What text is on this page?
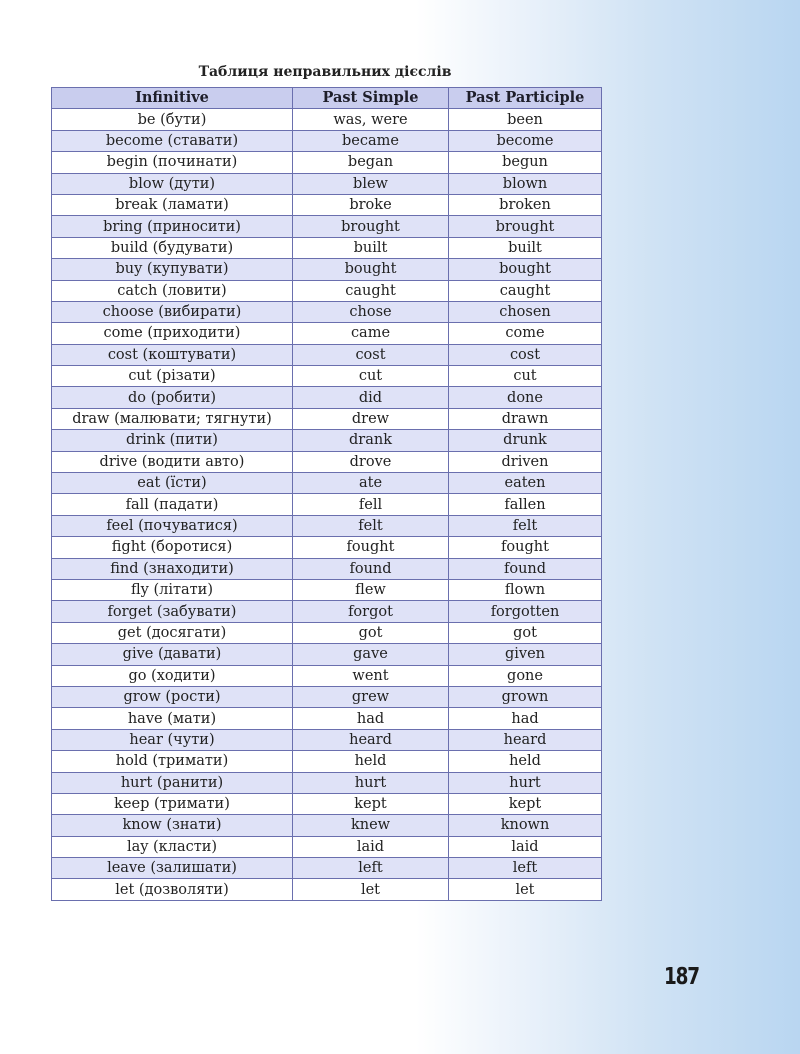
Таблиця неправильних дієслів
Infinitive	Past Simple	Past Participle
be (бути)	was, were	been
become (ставати)	became	become
begin (починати)	began	begun
blow (дути)	blew	blown
break (ламати)	broke	broken
bring (приносити)	brought	brought
build (будувати)	built	built
buy (купувати)	bought	bought
catch (ловити)	caught	caught
choose (вибирати)	chose	chosen
come (приходити)	came	come
cost (коштувати)	cost	cost
cut (різати)	cut	cut
do (робити)	did	done
draw (малювати; тягнути)	drew	drawn
drink (пити)	drank	drunk
drive (водити авто)	drove	driven
eat (їсти)	ate	eaten
fall (падати)	fell	fallen
feel (почуватися)	felt	felt
fight (боротися)	fought	fought
find (знаходити)	found	found
fly (літати)	flew	flown
forget (забувати)	forgot	forgotten
get (досягати)	got	got
give (давати)	gave	given
go (ходити)	went	gone
grow (рости)	grew	grown
have (мати)	had	had
hear (чути)	heard	heard
hold (тримати)	held	held
hurt (ранити)	hurt	hurt
keep (тримати)	kept	kept
know (знати)	knew	known
lay (класти)	laid	laid
leave (залишати)	left	left
let (дозволяти)	let	let
187
